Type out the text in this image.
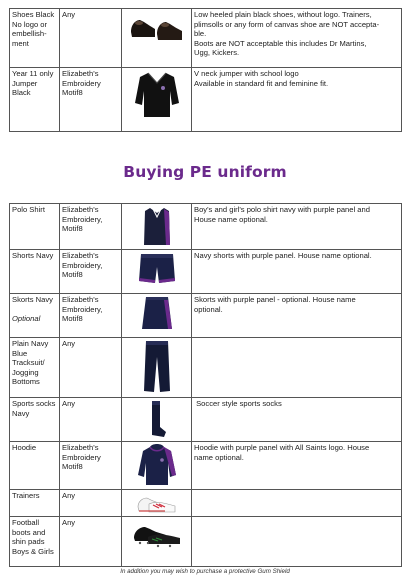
Shoes Black
No logo or
embellish-
ment	Any		Low heeled plain black shoes, without logo. Trainers,
plimsolls or any form of canvas shoe are NOT accepta-
ble.
Boots are NOT acceptable this includes Dr Martins,
Ugg, Kickers.

Year 11 only
Jumper
Black	Elizabeth's
Embroidery
Motif8		V neck jumper with school logo
Available in standard fit and feminine fit.
Buying PE uniform
Polo Shirt	Elizabeth's
Embroidery,
Motif8		Boy's and girl's polo shirt navy with purple panel and
House name optional.

Shorts Navy	Elizabeth's
Embroidery,
Motif8		Navy shorts with purple panel. House name optional.

Skorts Navy

Optional	Elizabeth's
Embroidery,
Motif8		Skorts with purple panel - optional. House name
optional.

Plain Navy
Blue
Tracksuit/
Jogging
Bottoms	Any

Sports socks
Navy	Any		Soccer style sports socks

Hoodie	Elizabeth's
Embroidery
Motif8		Hoodie with purple panel with All Saints logo. House
name optional.

Trainers	Any

Football
boots and
shin pads
Boys & Girls	Any

In addition you may wish to purchase a protective Gum Shield
